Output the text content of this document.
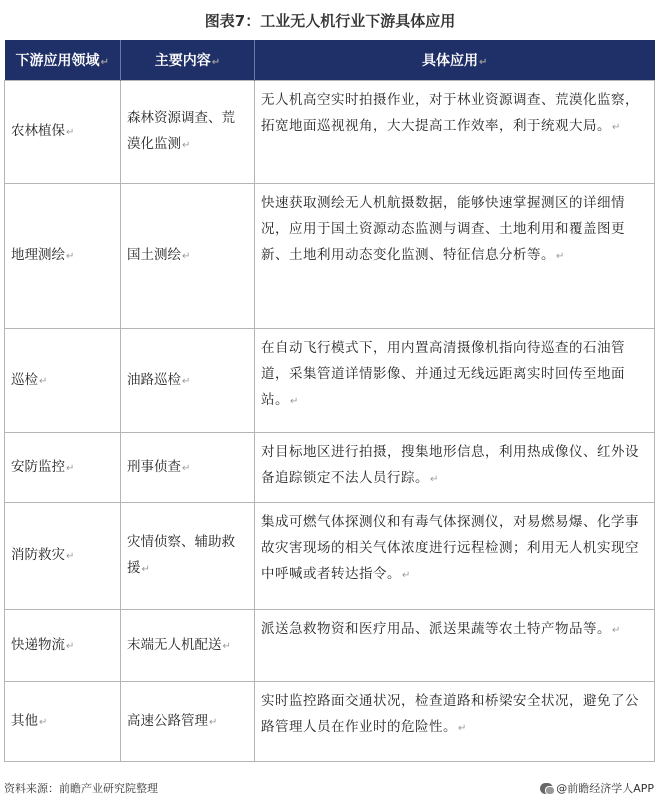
图表7：工业无人机行业下游具体应用
下游应用领域↵	主要内容↵	具体应用↵
农林植保↵	森林资源调查、荒漠化监测↵	无人机高空实时拍摄作业，对于林业资源调查、荒漠化监察，拓宽地面巡视视角，大大提高工作效率，利于统观大局。↵
地理测绘↵	国土测绘↵	快速获取测绘无人机航摄数据，能够快速掌握测区的详细情况，应用于国土资源动态监测与调查、土地利用和覆盖图更新、土地利用动态变化监测、特征信息分析等。↵
巡检↵	油路巡检↵	在自动飞行模式下，用内置高清摄像机指向待巡查的石油管道，采集管道详情影像、并通过无线远距离实时回传至地面站。↵
安防监控↵	刑事侦查↵	对目标地区进行拍摄，搜集地形信息，利用热成像仪、红外设备追踪锁定不法人员行踪。↵
消防救灾↵	灾情侦察、辅助救援↵	集成可燃气体探测仪和有毒气体探测仪，对易燃易爆、化学事故灾害现场的相关气体浓度进行远程检测；利用无人机实现空中呼喊或者转达指令。↵
快递物流↵	末端无人机配送↵	派送急救物资和医疗用品、派送果蔬等农土特产物品等。↵
其他↵	高速公路管理↵	实时监控路面交通状况，检查道路和桥梁安全状况，避免了公路管理人员在作业时的危险性。↵
资料来源：前瞻产业研究院整理	@前瞻经济学人APP
